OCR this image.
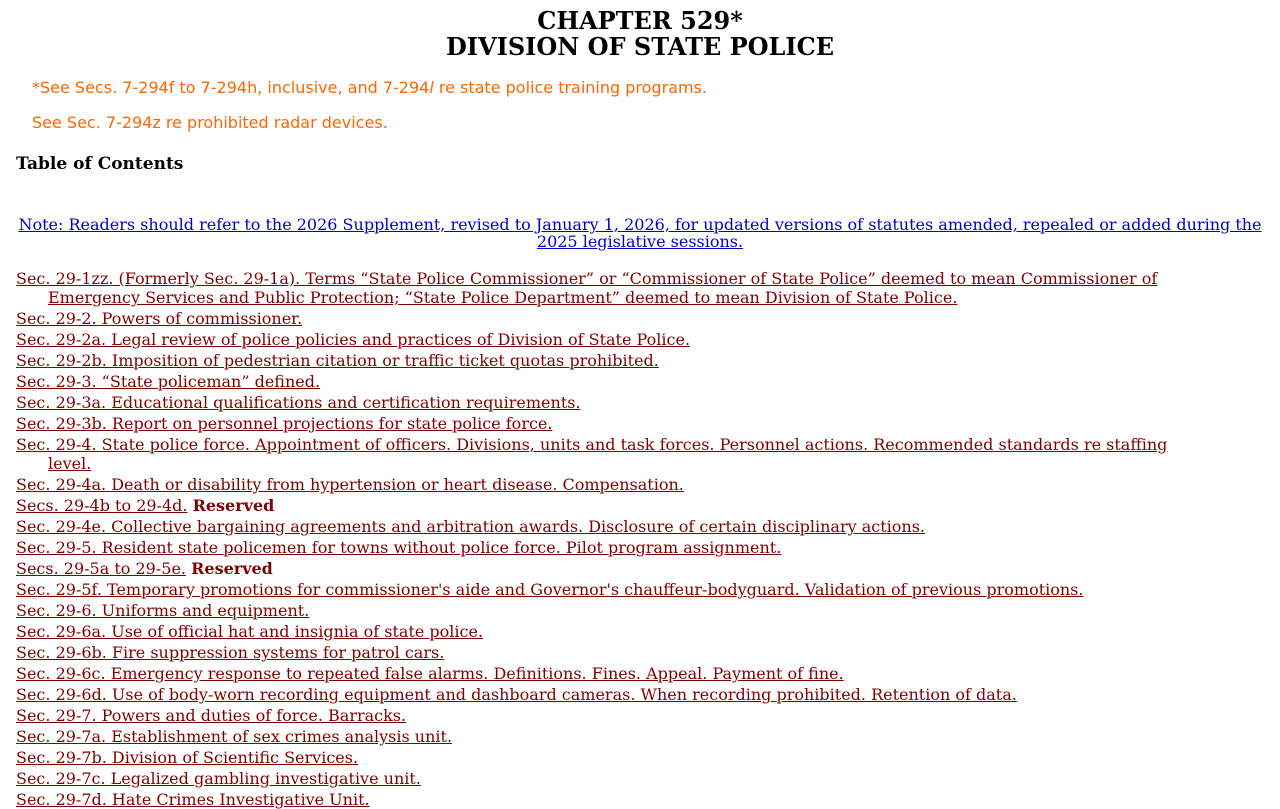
CHAPTER 529*
DIVISION OF STATE POLICE

*See Secs. 7-294f to 7-294h, inclusive, and 7-294l re state police training programs.

See Sec. 7-294z re prohibited radar devices.

Table of Contents
Note: Readers should refer to the 2026 Supplement, revised to January 1, 2026, for updated versions of statutes amended, repealed or added during the 2025 legislative sessions.
Sec. 29-1zz. (Formerly Sec. 29-1a). Terms “State Police Commissioner” or “Commissioner of State Police” deemed to mean Commissioner of Emergency Services and Public Protection; “State Police Department” deemed to mean Division of State Police.
Sec. 29-2. Powers of commissioner.
Sec. 29-2a. Legal review of police policies and practices of Division of State Police.
Sec. 29-2b. Imposition of pedestrian citation or traffic ticket quotas prohibited.
Sec. 29-3. “State policeman” defined.
Sec. 29-3a. Educational qualifications and certification requirements.
Sec. 29-3b. Report on personnel projections for state police force.
Sec. 29-4. State police force. Appointment of officers. Divisions, units and task forces. Personnel actions. Recommended standards re staffing level.
Sec. 29-4a. Death or disability from hypertension or heart disease. Compensation.
Secs. 29-4b to 29-4d. Reserved
Sec. 29-4e. Collective bargaining agreements and arbitration awards. Disclosure of certain disciplinary actions.
Sec. 29-5. Resident state policemen for towns without police force. Pilot program assignment.
Secs. 29-5a to 29-5e. Reserved
Sec. 29-5f. Temporary promotions for commissioner's aide and Governor's chauffeur-bodyguard. Validation of previous promotions.
Sec. 29-6. Uniforms and equipment.
Sec. 29-6a. Use of official hat and insignia of state police.
Sec. 29-6b. Fire suppression systems for patrol cars.
Sec. 29-6c. Emergency response to repeated false alarms. Definitions. Fines. Appeal. Payment of fine.
Sec. 29-6d. Use of body-worn recording equipment and dashboard cameras. When recording prohibited. Retention of data.
Sec. 29-7. Powers and duties of force. Barracks.
Sec. 29-7a. Establishment of sex crimes analysis unit.
Sec. 29-7b. Division of Scientific Services.
Sec. 29-7c. Legalized gambling investigative unit.
Sec. 29-7d. Hate Crimes Investigative Unit.
